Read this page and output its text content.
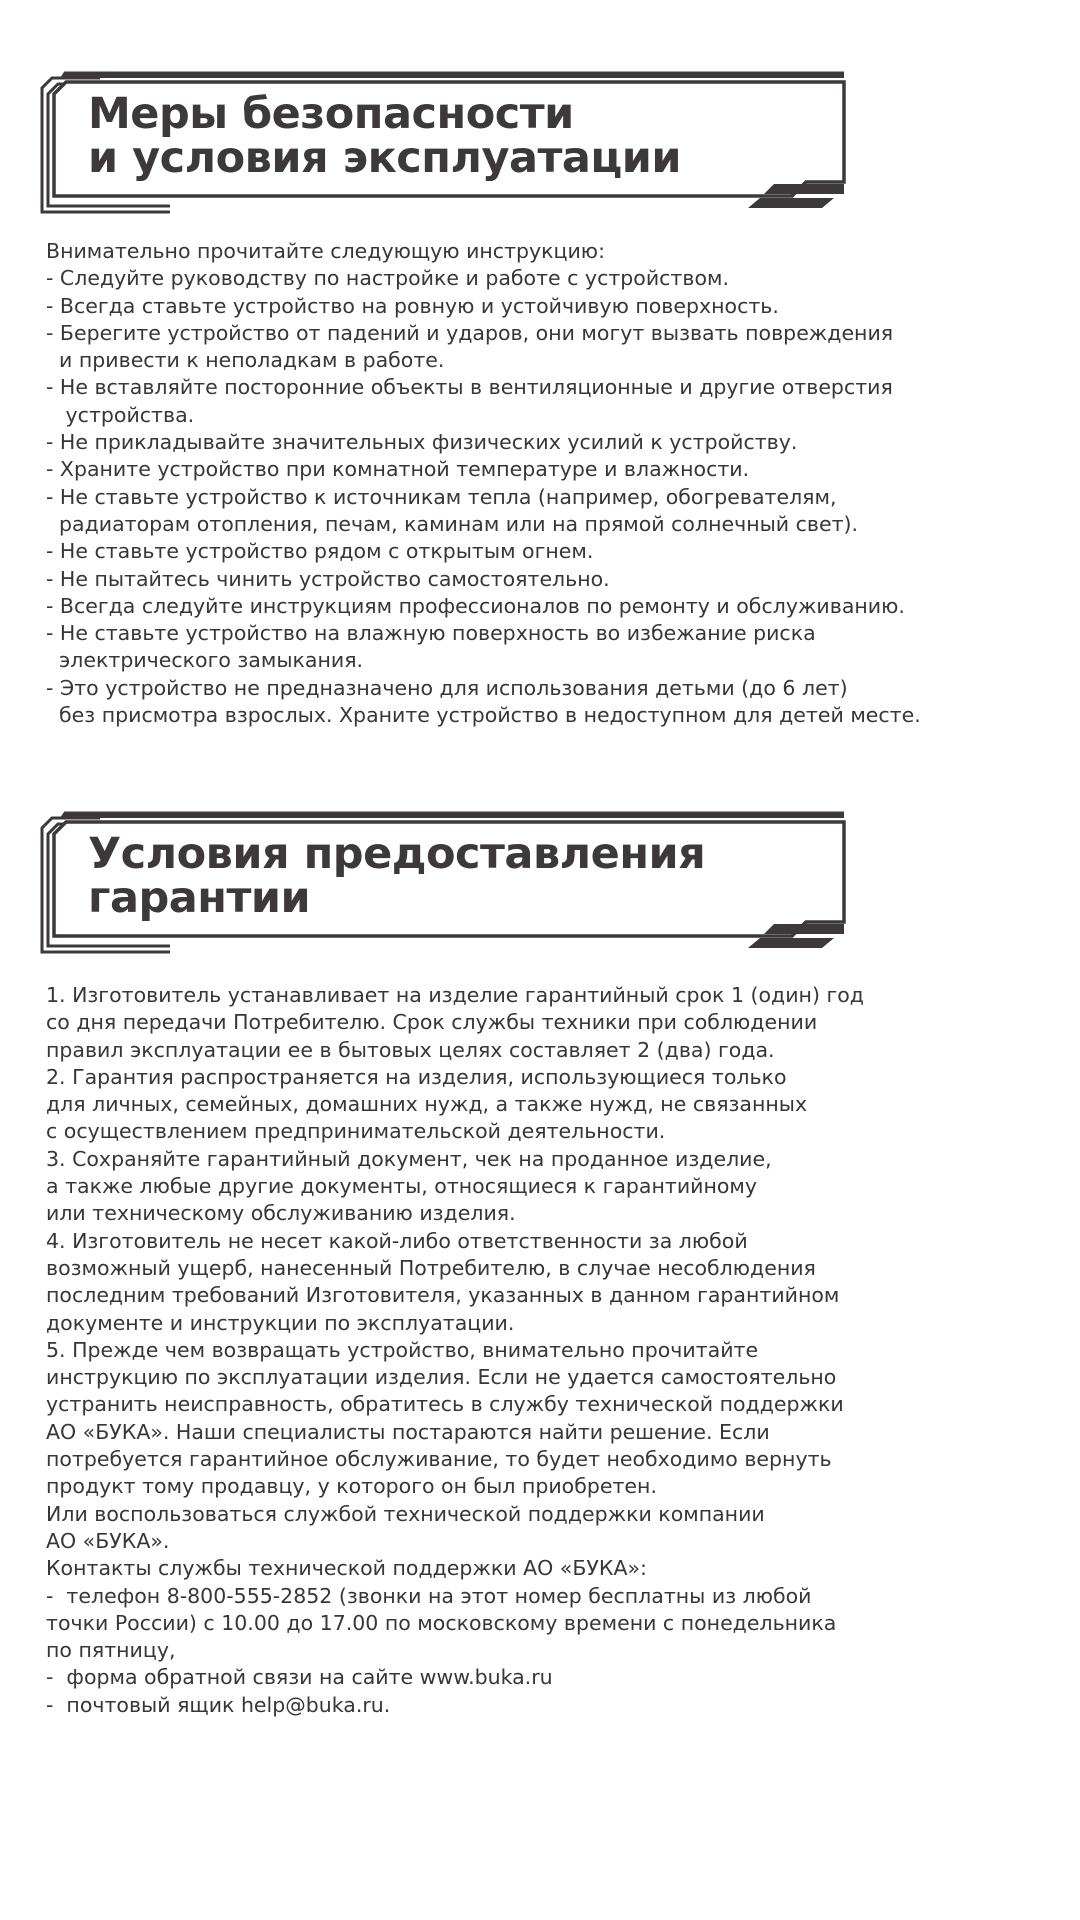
Меры безопасности
и условия эксплуатации
Внимательно прочитайте следующую инструкцию:
- Следуйте руководству по настройке и работе с устройством.
- Всегда ставьте устройство на ровную и устойчивую поверхность.
- Берегите устройство от падений и ударов, они могут вызвать повреждения
и привести к неполадкам в работе.
- Не вставляйте посторонние объекты в вентиляционные и другие отверстия
устройства.
- Не прикладывайте значительных физических усилий к устройству.
- Храните устройство при комнатной температуре и влажности.
- Не ставьте устройство к источникам тепла (например, обогревателям,
радиаторам отопления, печам, каминам или на прямой солнечный свет).
- Не ставьте устройство рядом с открытым огнем.
- Не пытайтесь чинить устройство самостоятельно.
- Всегда следуйте инструкциям профессионалов по ремонту и обслуживанию.
- Не ставьте устройство на влажную поверхность во избежание риска
электрического замыкания.
- Это устройство не предназначено для использования детьми (до 6 лет)
без присмотра взрослых. Храните устройство в недоступном для детей месте.
Условия предоставления
гарантии
1. Изготовитель устанавливает на изделие гарантийный срок 1 (один) год
со дня передачи Потребителю. Срок службы техники при соблюдении
правил эксплуатации ее в бытовых целях составляет 2 (два) года.
2. Гарантия распространяется на изделия, использующиеся только
для личных, семейных, домашних нужд, а также нужд, не связанных
с осуществлением предпринимательской деятельности.
3. Сохраняйте гарантийный документ, чек на проданное изделие,
а также любые другие документы, относящиеся к гарантийному
или техническому обслуживанию изделия.
4. Изготовитель не несет какой-либо ответственности за любой
возможный ущерб, нанесенный Потребителю, в случае несоблюдения
последним требований Изготовителя, указанных в данном гарантийном
документе и инструкции по эксплуатации.
5. Прежде чем возвращать устройство, внимательно прочитайте
инструкцию по эксплуатации изделия. Если не удается самостоятельно
устранить неисправность, обратитесь в службу технической поддержки
АО «БУКА». Наши специалисты постараются найти решение. Если
потребуется гарантийное обслуживание, то будет необходимо вернуть
продукт тому продавцу, у которого он был приобретен.
Или воспользоваться службой технической поддержки компании
АО «БУКА».
Контакты службы технической поддержки АО «БУКА»:
-  телефон 8-800-555-2852 (звонки на этот номер бесплатны из любой
точки России) с 10.00 до 17.00 по московскому времени с понедельника
по пятницу,
-  форма обратной связи на сайте www.buka.ru
-  почтовый ящик help@buka.ru.
